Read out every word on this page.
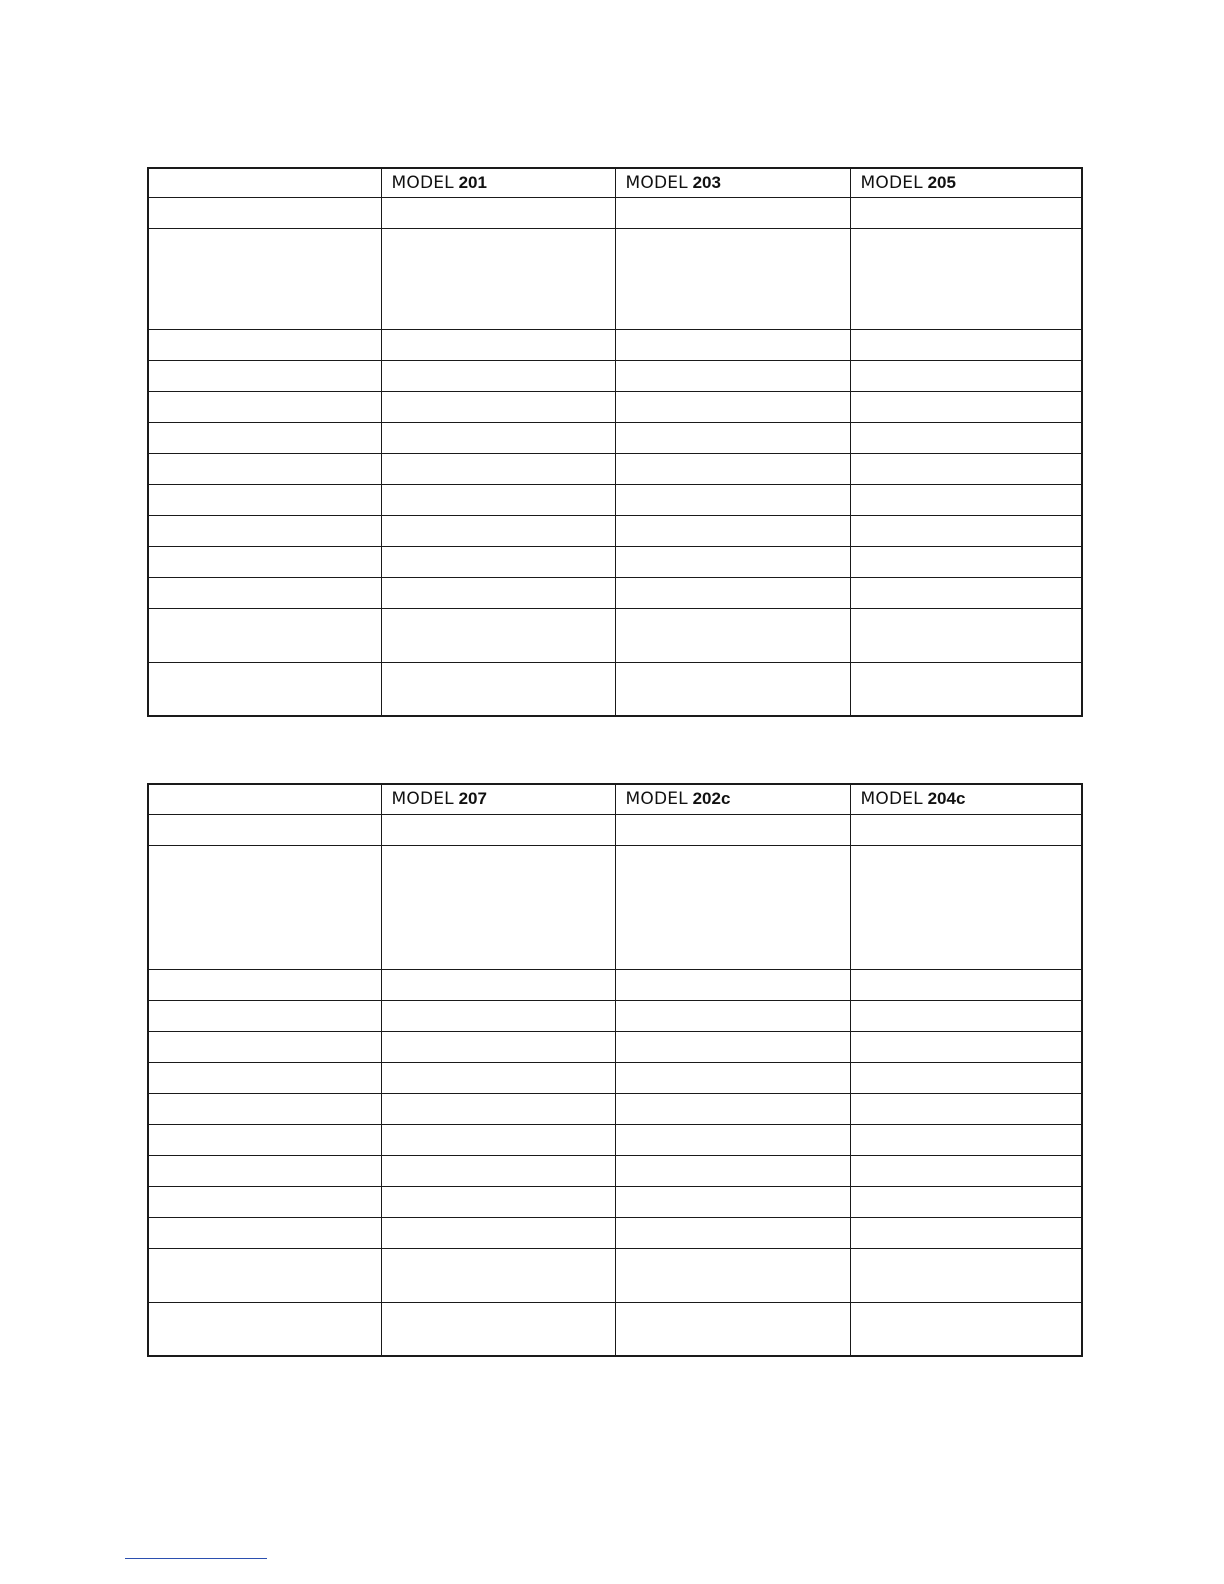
	MODEL 201	MODEL 203	MODEL 205

	MODEL 207	MODEL 202c	MODEL 204c
